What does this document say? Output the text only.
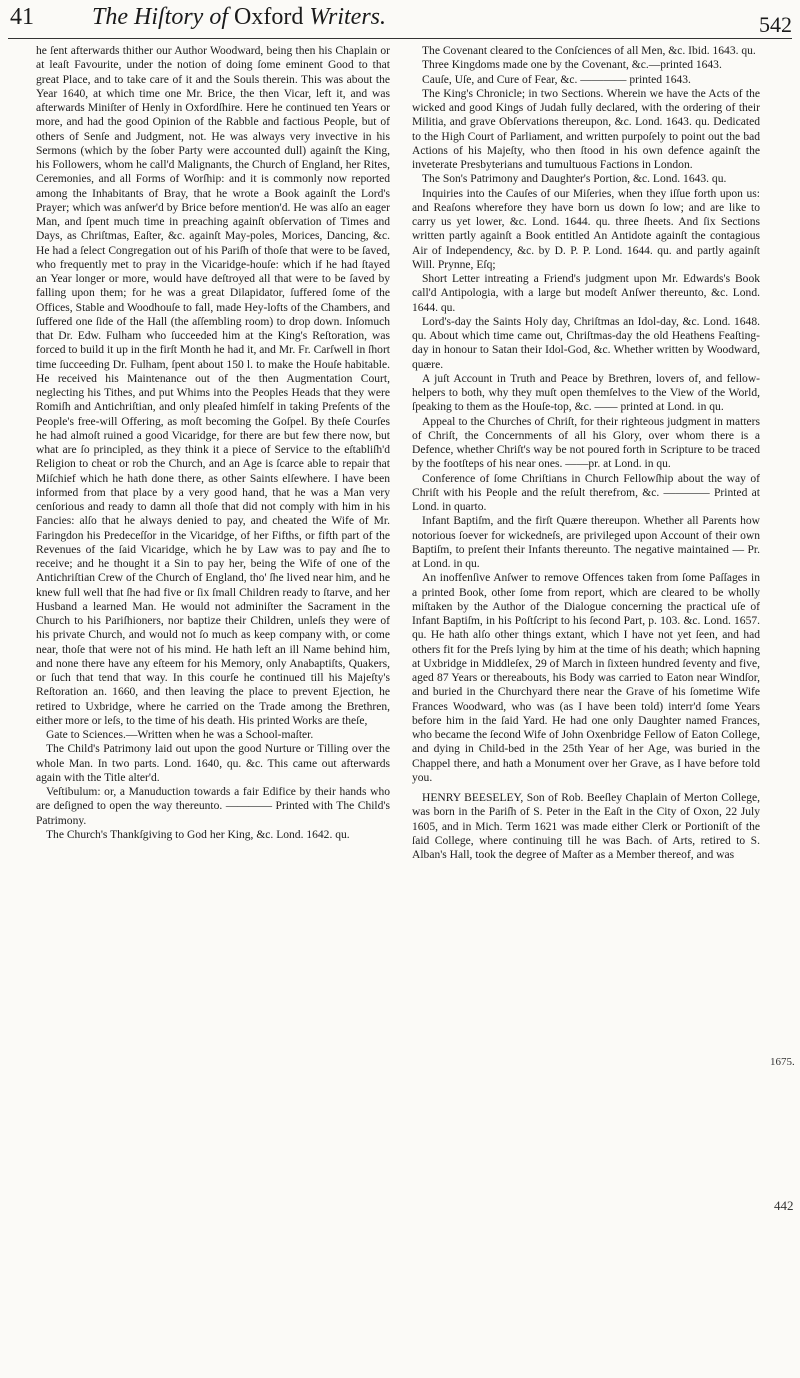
41 The Hiſtory of Oxford Writers.	542

he ſent afterwards thither our Author Woodward, being then his Chaplain or at leaſt Favourite, under the notion of doing ſome eminent Good to that great Place, and to take care of it and the Souls therein. This was about the Year 1640, at which time one Mr. Brice, the then Vicar, left it, and was afterwards Miniſter of Henly in Oxfordſhire. Here he continued ten Years or more, and had the good Opinion of the Rabble and factious People, but of others of Senſe and Judgment, not. He was always very invective in his Sermons (which by the ſober Party were accounted dull) againſt the King, his Followers, whom he call'd Malignants, the Church of England, her Rites, Ceremonies, and all Forms of Worſhip: and it is commonly now reported among the Inhabitants of Bray, that he wrote a Book againſt the Lord's Prayer; which was anſwer'd by Brice before mention'd. He was alſo an eager Man, and ſpent much time in preaching againſt obſervation of Times and Days, as Chriſtmas, Eaſter, &c. againſt May-poles, Morices, Dancing, &c. He had a ſelect Congregation out of his Pariſh of thoſe that were to be ſaved, who frequently met to pray in the Vicaridge-houſe: which if he had ſtayed an Year longer or more, would have deſtroyed all that were to be ſaved by falling upon them; for he was a great Dilapidator, ſuffered ſome of the Offices, Stable and Woodhouſe to fall, made Hey-lofts of the Chambers, and ſuffered one ſide of the Hall (the aſſembling room) to drop down. Inſomuch that Dr. Edw. Fulham who ſucceeded him at the King's Reſtoration, was forced to build it up in the firſt Month he had it, and Mr. Fr. Carſwell in ſhort time ſucceeding Dr. Fulham, ſpent about 150 l. to make the Houſe habitable. He received his Maintenance out of the then Augmentation Court, neglecting his Tithes, and put Whims into the Peoples Heads that they were Romiſh and Antichriſtian, and only pleaſed himſelf in taking Preſents of the People's free-will Offering, as moſt becoming the Goſpel. By theſe Courſes he had almoſt ruined a good Vicaridge, for there are but few there now, but what are ſo principled, as they think it a piece of Service to the eſtabliſh'd Religion to cheat or rob the Church, and an Age is ſcarce able to repair that Miſchief which he hath done there, as other Saints elſewhere. I have been informed from that place by a very good hand, that he was a Man very cenſorious and ready to damn all thoſe that did not comply with him in his Fancies: alſo that he always denied to pay, and cheated the Wife of Mr. Faringdon his Predeceſſor in the Vicaridge, of her Fifths, or fifth part of the Revenues of the ſaid Vicaridge, which he by Law was to pay and ſhe to receive; and he thought it a Sin to pay her, being the Wife of one of the Antichriſtian Crew of the Church of England, tho' ſhe lived near him, and he knew full well that ſhe had five or ſix ſmall Children ready to ſtarve, and her Husband a learned Man. He would not adminiſter the Sacrament in the Church to his Pariſhioners, nor baptize their Children, unleſs they were of his private Church, and would not ſo much as keep company with, or come near, thoſe that were not of his mind. He hath left an ill Name behind him, and none there have any eſteem for his Memory, only Anabaptiſts, Quakers, or ſuch that tend that way. In this courſe he continued till his Majeſty's Reſtoration an. 1660, and then leaving the place to prevent Ejection, he retired to Uxbridge, where he carried on the Trade among the Brethren, either more or leſs, to the time of his death. His printed Works are theſe,

Gate to Sciences.—Written when he was a School-maſter.

The Child's Patrimony laid out upon the good Nurture or Tilling over the whole Man. In two parts. Lond. 1640, qu. &c. This came out afterwards again with the Title alter'd.

Veſtibulum: or, a Manuduction towards a fair Edifice by their hands who are deſigned to open the way thereunto. ———— Printed with The Child's Patrimony.

The Church's Thankſgiving to God her King, &c. Lond. 1642. qu.

The Covenant cleared to the Conſciences of all Men, &c. Ibid. 1643. qu.

Three Kingdoms made one by the Covenant, &c.—printed 1643.

Cauſe, Uſe, and Cure of Fear, &c. ———— printed 1643.

The King's Chronicle; in two Sections. Wherein we have the Acts of the wicked and good Kings of Judah fully declared, with the ordering of their Militia, and grave Obſervations thereupon, &c. Lond. 1643. qu. Dedicated to the High Court of Parliament, and written purpoſely to point out the bad Actions of his Majeſty, who then ſtood in his own defence againſt the inveterate Presbyterians and tumultuous Factions in London.

The Son's Patrimony and Daughter's Portion, &c. Lond. 1643. qu.

Inquiries into the Cauſes of our Miſeries, when they iſſue forth upon us: and Reaſons wherefore they have born us down ſo low; and are like to carry us yet lower, &c. Lond. 1644. qu. three ſheets. And ſix Sections written partly againſt a Book entitled An Antidote againſt the contagious Air of Independency, &c. by D. P. P. Lond. 1644. qu. and partly againſt Will. Prynne, Eſq;

Short Letter intreating a Friend's judgment upon Mr. Edwards's Book call'd Antipologia, with a large but modeſt Anſwer thereunto, &c. Lond. 1644. qu.

Lord's-day the Saints Holy day, Chriſtmas an Idol-day, &c. Lond. 1648. qu. About which time came out, Chriſtmas-day the old Heathens Feaſting-day in honour to Satan their Idol-God, &c. Whether written by Woodward, quære.

A juſt Account in Truth and Peace by Brethren, lovers of, and fellow-helpers to both, why they muſt open themſelves to the View of the World, ſpeaking to them as the Houſe-top, &c. —— printed at Lond. in qu.

Appeal to the Churches of Chriſt, for their righteous judgment in matters of Chriſt, the Concernments of all his Glory, over whom there is a Defence, whether Chriſt's way be not poured forth in Scripture to be traced by the footſteps of his near ones. ——pr. at Lond. in qu.

Conference of ſome Chriſtians in Church Fellowſhip about the way of Chriſt with his People and the reſult therefrom, &c. ———— Printed at Lond. in quarto.

Infant Baptiſm, and the firſt Quære thereupon. Whether all Parents how notorious ſoever for wickedneſs, are privileged upon Account of their own Baptiſm, to preſent their Infants thereunto. The negative maintained — Pr. at Lond. in qu.

An inoffenſive Anſwer to remove Offences taken from ſome Paſſages in a printed Book, other ſome from report, which are cleared to be wholly miſtaken by the Author of the Dialogue concerning the practical uſe of Infant Baptiſm, in his Poſtſcript to his ſecond Part, p. 103. &c. Lond. 1657. qu. He hath alſo other things extant, which I have not yet ſeen, and had others fit for the Preſs lying by him at the time of his death; which hapning at Uxbridge in Middleſex, 29 of March in ſixteen hundred ſeventy and five, aged 87 Years or thereabouts, his Body was carried to Eaton near Windſor, and buried in the Churchyard there near the Grave of his ſometime Wife Frances Woodward, who was (as I have been told) interr'd ſome Years before him in the ſaid Yard. He had one only Daughter named Frances, who became the ſecond Wife of John Oxenbridge Fellow of Eaton College, and dying in Child-bed in the 25th Year of her Age, was buried in the Chappel there, and hath a Monument over her Grave, as I have before told you.

HENRY BEESELEY, Son of Rob. Beeſley Chaplain of Merton College, was born in the Pariſh of S. Peter in the Eaſt in the City of Oxon, 22 July 1605, and in Mich. Term 1621 was made either Clerk or Portioniſt of the ſaid College, where continuing till he was Bach. of Arts, retired to S. Alban's Hall, took the degree of Maſter as a Member thereof, and was

1675.
442
